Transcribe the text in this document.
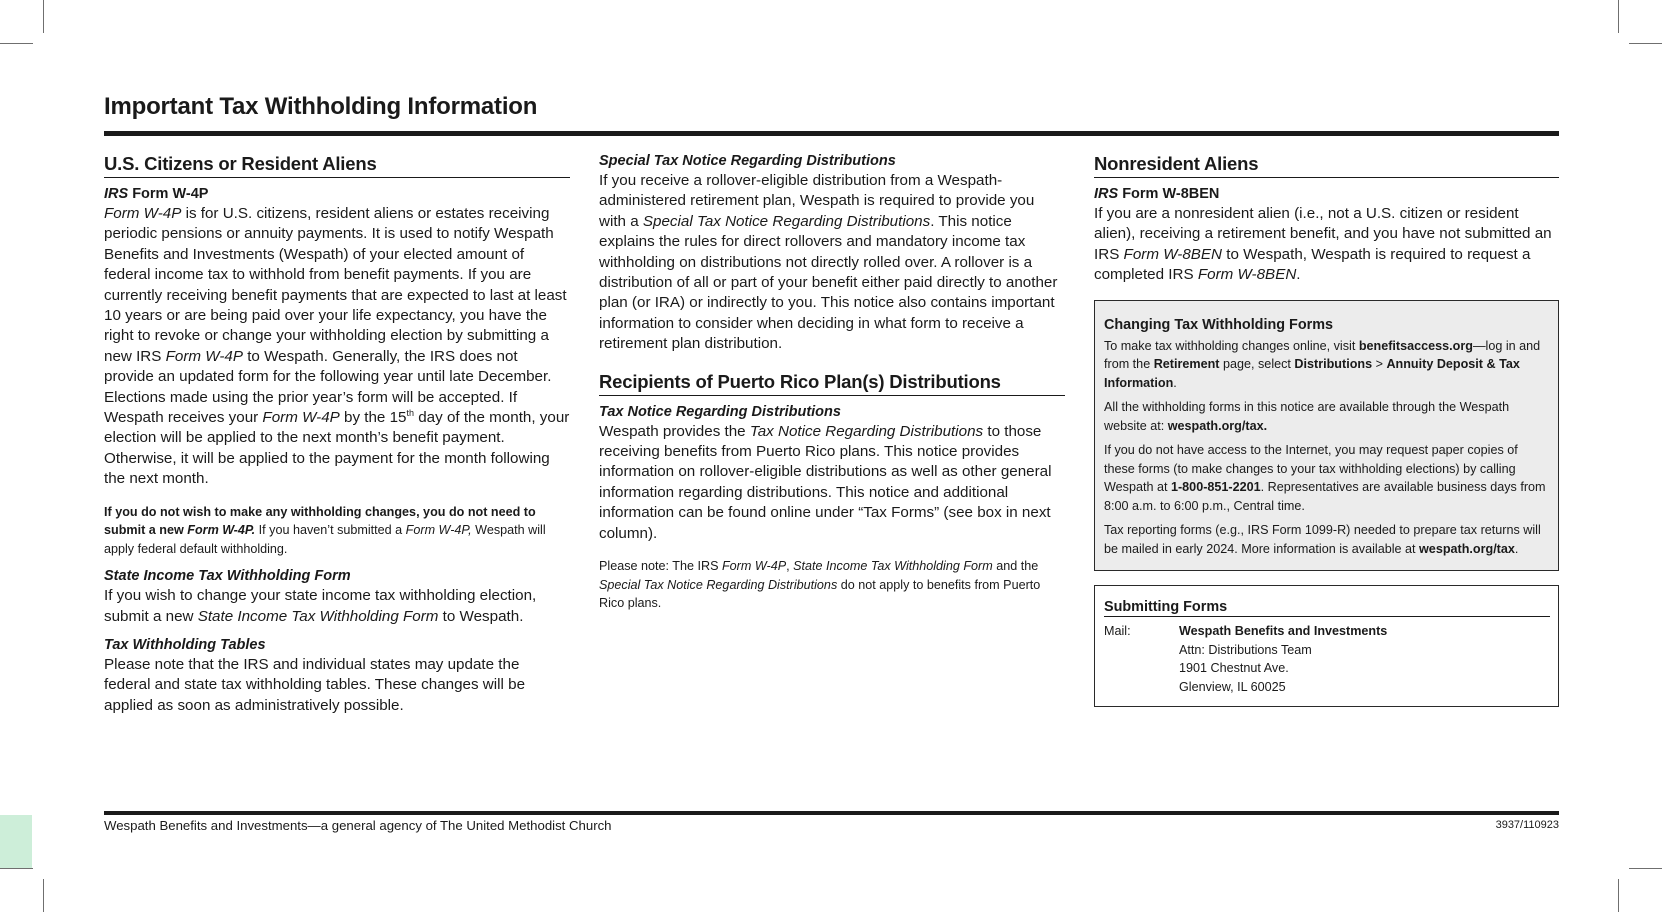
Important Tax Withholding Information
U.S. Citizens or Resident Aliens
IRS Form W-4P

Form W-4P is for U.S. citizens, resident aliens or estates receiving periodic pensions or annuity payments. It is used to notify Wespath Benefits and Investments (Wespath) of your elected amount of federal income tax to withhold from benefit payments. If you are currently receiving benefit payments that are expected to last at least 10 years or are being paid over your life expectancy, you have the right to revoke or change your withholding election by submitting a new IRS Form W-4P to Wespath. Generally, the IRS does not provide an updated form for the following year until late December. Elections made using the prior year’s form will be accepted. If Wespath receives your Form W-4P by the 15th day of the month, your election will be applied to the next month’s benefit payment. Otherwise, it will be applied to the payment for the month following the next month.

If you do not wish to make any withholding changes, you do not need to submit a new Form W-4P. If you haven’t submitted a Form W-4P, Wespath will apply federal default withholding.

State Income Tax Withholding Form

If you wish to change your state income tax withholding election, submit a new State Income Tax Withholding Form to Wespath.

Tax Withholding Tables

Please note that the IRS and individual states may update the federal and state tax withholding tables. These changes will be applied as soon as administratively possible.

Special Tax Notice Regarding Distributions

If you receive a rollover-eligible distribution from a Wespath-administered retirement plan, Wespath is required to provide you with a Special Tax Notice Regarding Distributions. This notice explains the rules for direct rollovers and mandatory income tax withholding on distributions not directly rolled over. A rollover is a distribution of all or part of your benefit either paid directly to another plan (or IRA) or indirectly to you. This notice also contains important information to consider when deciding in what form to receive a retirement plan distribution.

Recipients of Puerto Rico Plan(s) Distributions
Tax Notice Regarding Distributions

Wespath provides the Tax Notice Regarding Distributions to those receiving benefits from Puerto Rico plans. This notice provides information on rollover-eligible distributions as well as other general information regarding distributions. This notice and additional information can be found online under “Tax Forms” (see box in next column).

Please note: The IRS Form W-4P, State Income Tax Withholding Form and the Special Tax Notice Regarding Distributions do not apply to benefits from Puerto Rico plans.

Nonresident Aliens
IRS Form W-8BEN

If you are a nonresident alien (i.e., not a U.S. citizen or resident alien), receiving a retirement benefit, and you have not submitted an IRS Form W-8BEN to Wespath, Wespath is required to request a completed IRS Form W-8BEN.

Changing Tax Withholding Forms

To make tax withholding changes online, visit benefitsaccess.org—log in and from the Retirement page, select Distributions > Annuity Deposit & Tax Information.

All the withholding forms in this notice are available through the Wespath website at: wespath.org/tax.

If you do not have access to the Internet, you may request paper copies of these forms (to make changes to your tax withholding elections) by calling Wespath at 1-800-851-2201. Representatives are available business days from 8:00 a.m. to 6:00 p.m., Central time.

Tax reporting forms (e.g., IRS Form 1099-R) needed to prepare tax returns will be mailed in early 2024. More information is available at wespath.org/tax.

Submitting Forms
Mail:	Wespath Benefits and Investments
Attn: Distributions Team
1901 Chestnut Ave.
Glenview, IL 60025
Wespath Benefits and Investments—a general agency of The United Methodist Church	3937/110923
